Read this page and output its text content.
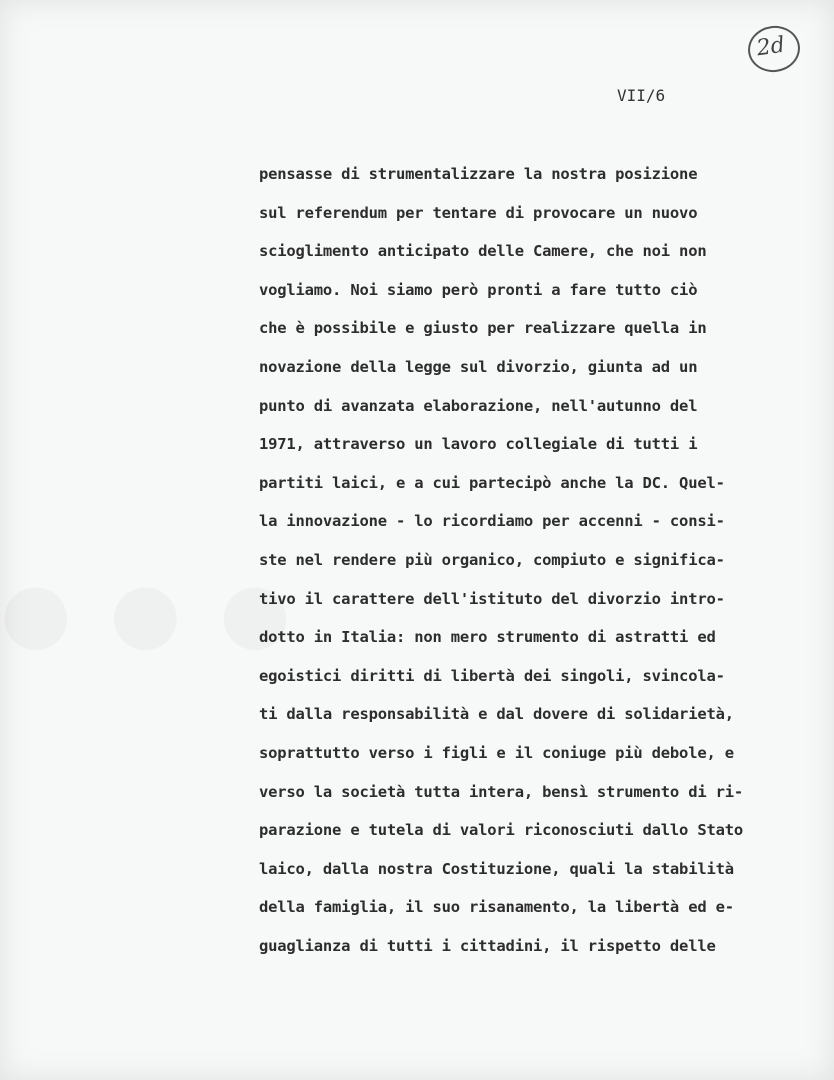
● ● ●
2d
VII/6
pensasse di strumentalizzare la nostra posizione
sul referendum per tentare di provocare un nuovo
scioglimento anticipato delle Camere, che noi non
vogliamo. Noi siamo però pronti a fare tutto ciò
che è possibile e giusto per realizzare quella in
novazione della legge sul divorzio, giunta ad un
punto di avanzata elaborazione, nell'autunno del
1971, attraverso un lavoro collegiale di tutti i
partiti laici, e a cui partecipò anche la DC. Quel-
la innovazione - lo ricordiamo per accenni - consi-
ste nel rendere più organico, compiuto e significa-
tivo il carattere dell'istituto del divorzio intro-
dotto in Italia: non mero strumento di astratti ed
egoistici diritti di libertà dei singoli, svincola-
ti dalla responsabilità e dal dovere di solidarietà,
soprattutto verso i figli e il coniuge più debole, e
verso la società tutta intera, bensì strumento di ri-
parazione e tutela di valori riconosciuti dallo Stato
laico, dalla nostra Costituzione, quali la stabilità
della famiglia, il suo risanamento, la libertà ed e-
guaglianza di tutti i cittadini, il rispetto delle
